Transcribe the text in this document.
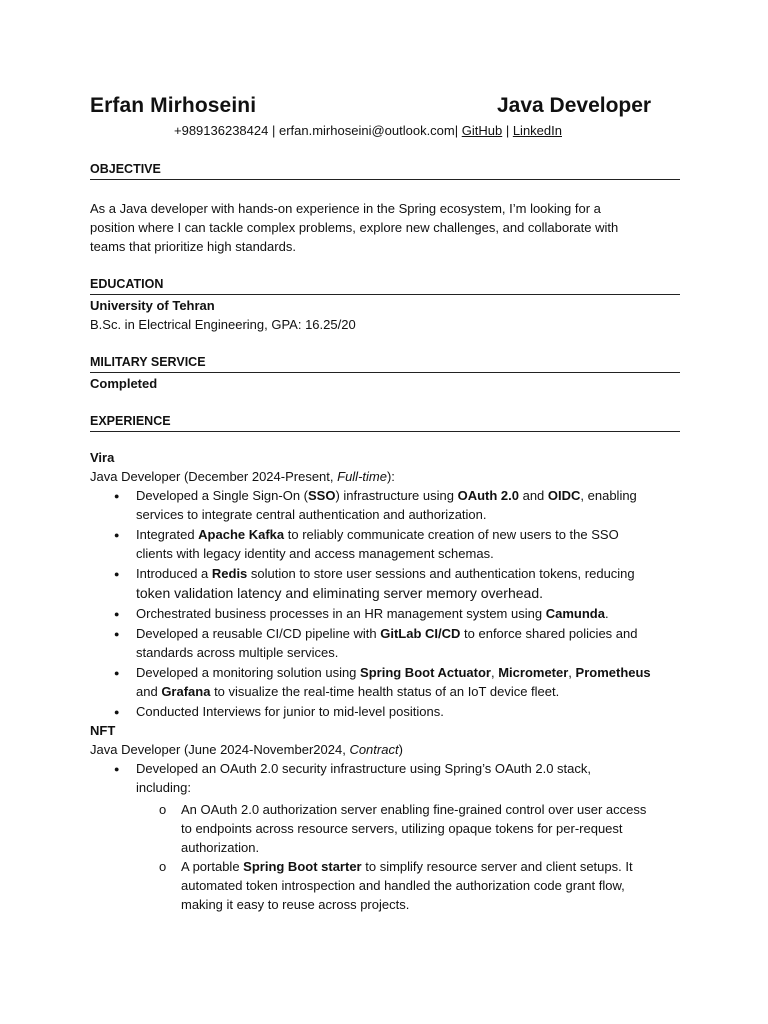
Erfan Mirhoseini	Java Developer
+989136238424 | erfan.mirhoseini@outlook.com| GitHub | LinkedIn
OBJECTIVE
As a Java developer with hands-on experience in the Spring ecosystem, I’m looking for a
position where I can tackle complex problems, explore new challenges, and collaborate with
teams that prioritize high standards.
EDUCATION
University of Tehran
B.Sc. in Electrical Engineering, GPA: 16.25/20
MILITARY SERVICE
Completed
EXPERIENCE
Vira
Java Developer (December 2024-Present, Full-time):
● Developed a Single Sign-On (SSO) infrastructure using OAuth 2.0 and OIDC, enabling
services to integrate central authentication and authorization.
● Integrated Apache Kafka to reliably communicate creation of new users to the SSO
clients with legacy identity and access management schemas.
● Introduced a Redis solution to store user sessions and authentication tokens, reducing
token validation latency and eliminating server memory overhead.
● Orchestrated business processes in an HR management system using Camunda.
● Developed a reusable CI/CD pipeline with GitLab CI/CD to enforce shared policies and
standards across multiple services.
● Developed a monitoring solution using Spring Boot Actuator, Micrometer, Prometheus
and Grafana to visualize the real-time health status of an IoT device fleet.
● Conducted Interviews for junior to mid-level positions.
NFT
Java Developer (June 2024-November2024, Contract)
● Developed an OAuth 2.0 security infrastructure using Spring’s OAuth 2.0 stack,
including:
o An OAuth 2.0 authorization server enabling fine-grained control over user access
to endpoints across resource servers, utilizing opaque tokens for per-request
authorization.
o A portable Spring Boot starter to simplify resource server and client setups. It
automated token introspection and handled the authorization code grant flow,
making it easy to reuse across projects.
